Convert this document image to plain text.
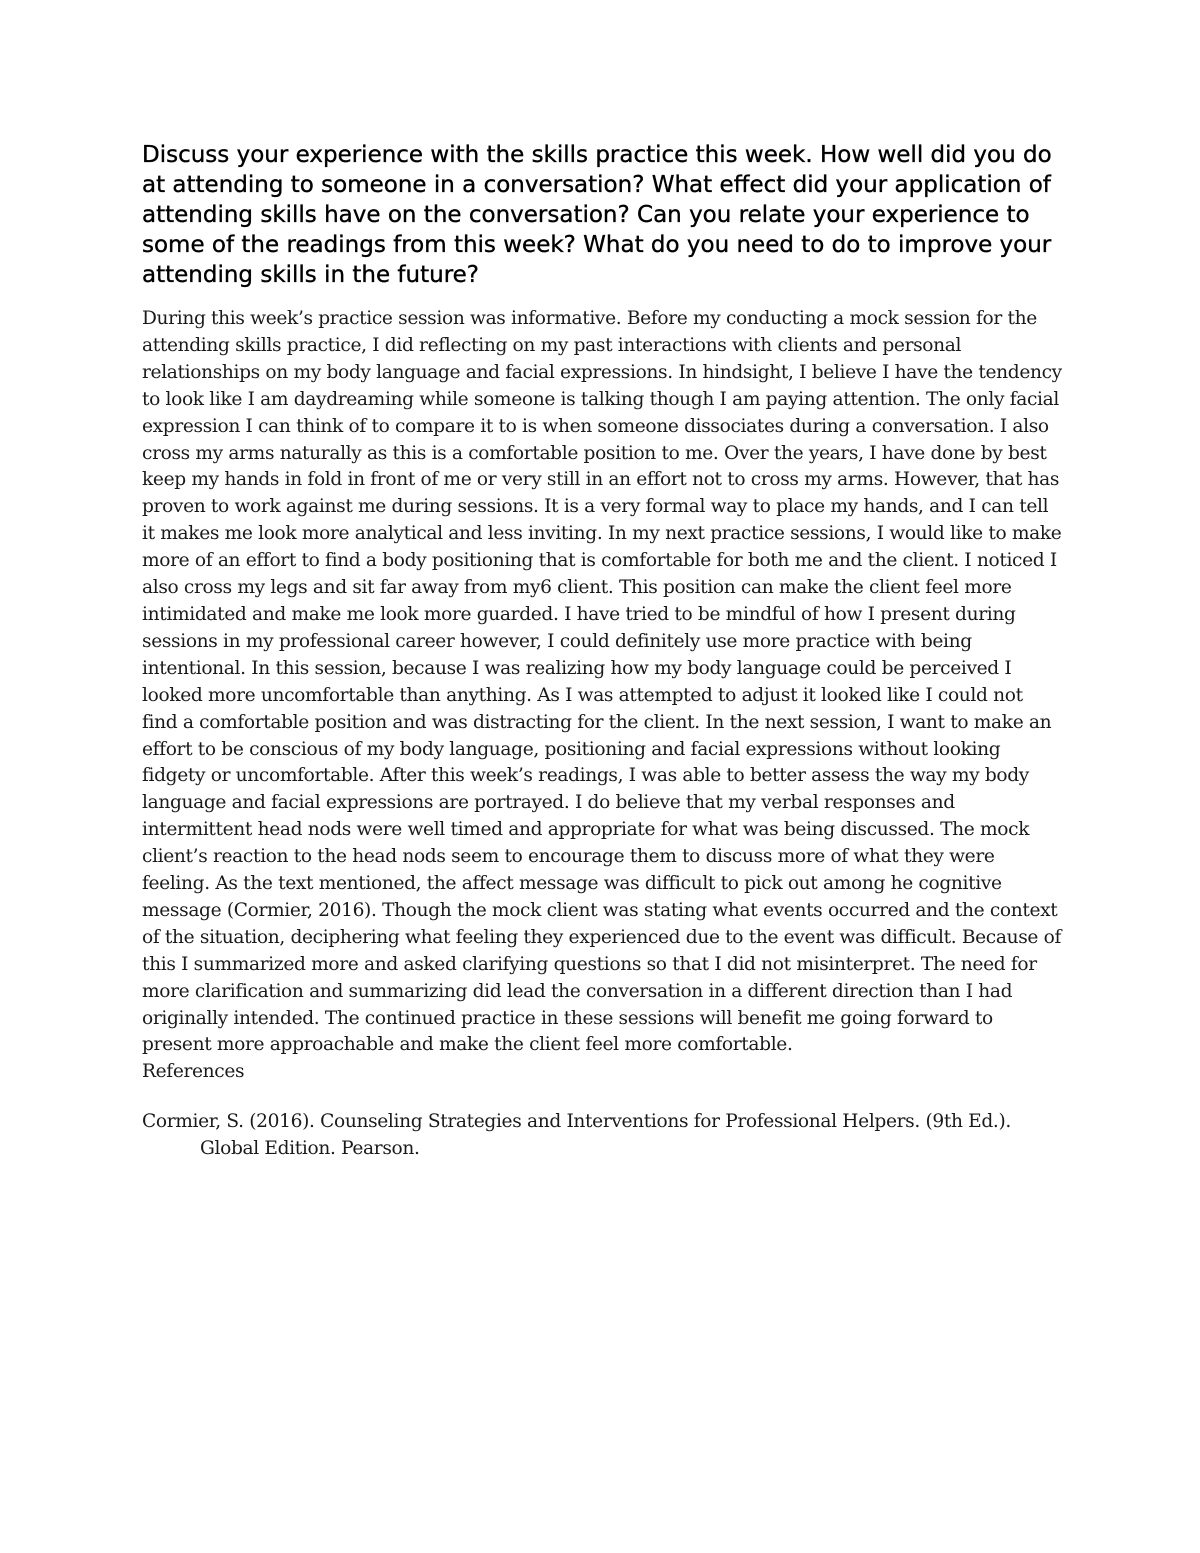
Discuss your experience with the skills practice this week. How well did you do at attending to someone in a conversation? What effect did your application of attending skills have on the conversation? Can you relate your experience to some of the readings from this week? What do you need to do to improve your attending skills in the future?

During this week’s practice session was informative. Before my conducting a mock session for the attending skills practice, I did reflecting on my past interactions with clients and personal relationships on my body language and facial expressions. In hindsight, I believe I have the tendency to look like I am daydreaming while someone is talking though I am paying attention. The only facial expression I can think of to compare it to is when someone dissociates during a conversation. I also cross my arms naturally as this is a comfortable position to me. Over the years, I have done by best keep my hands in fold in front of me or very still in an effort not to cross my arms. However, that has proven to work against me during sessions. It is a very formal way to place my hands, and I can tell it makes me look more analytical and less inviting. In my next practice sessions, I would like to make more of an effort to find a body positioning that is comfortable for both me and the client. I noticed I also cross my legs and sit far away from my6 client. This position can make the client feel more intimidated and make me look more guarded. I have tried to be mindful of how I present during sessions in my professional career however, I could definitely use more practice with being intentional. In this session, because I was realizing how my body language could be perceived I looked more uncomfortable than anything. As I was attempted to adjust it looked like I could not find a comfortable position and was distracting for the client. In the next session, I want to make an effort to be conscious of my body language, positioning and facial expressions without looking fidgety or uncomfortable. After this week’s readings, I was able to better assess the way my body language and facial expressions are portrayed. I do believe that my verbal responses and intermittent head nods were well timed and appropriate for what was being discussed. The mock client’s reaction to the head nods seem to encourage them to discuss more of what they were feeling. As the text mentioned, the affect message was difficult to pick out among he cognitive message (Cormier, 2016). Though the mock client was stating what events occurred and the context of the situation, deciphering what feeling they experienced due to the event was difficult. Because of this I summarized more and asked clarifying questions so that I did not misinterpret. The need for more clarification and summarizing did lead the conversation in a different direction than I had originally intended. The continued practice in these sessions will benefit me going forward to present more approachable and make the client feel more comfortable.

References

Cormier, S. (2016). Counseling Strategies and Interventions for Professional Helpers. (9th Ed.). Global Edition. Pearson.
